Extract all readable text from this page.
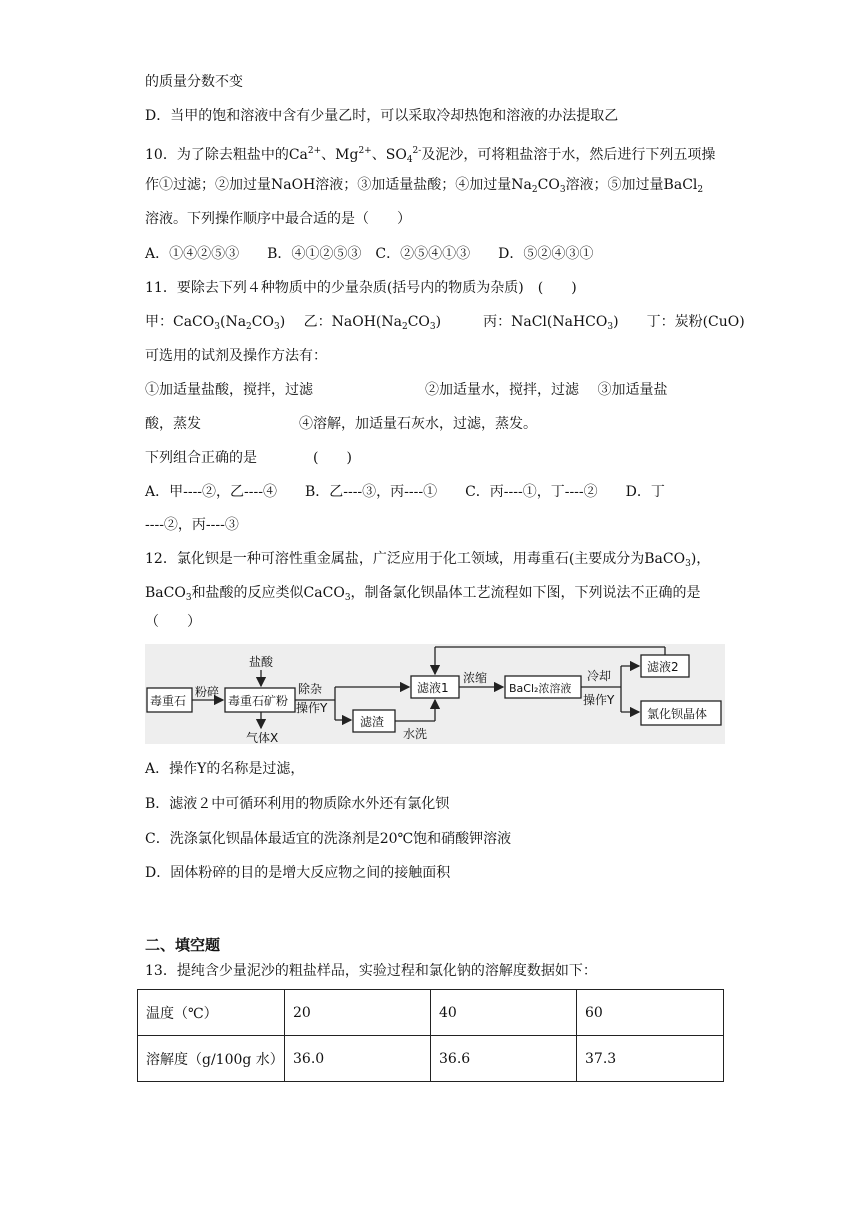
的质量分数不变
D．当甲的饱和溶液中含有少量乙时，可以采取冷却热饱和溶液的办法提取乙
10．为了除去粗盐中的$Ca^{2+}$、$Mg^{2+}$、$SO_4^{2-}$及泥沙，可将粗盐溶于水，然后进行下列五项操
作①过滤；②加过量NaOH溶液；③加适量盐酸；④加过量$Na_2CO_3$溶液；⑤加过量BaCl$_2$
溶液。下列操作顺序中最合适的是（　　）
A．①④②⑤③　　B．④①②⑤③　C．②⑤④①③　　D．⑤②④③①
11．要除去下列４种物质中的少量杂质(括号内的物质为杂质)　(　　)
甲：$CaCO_3(Na_2CO_3)$　 乙：$NaOH(Na_2CO_3)$　　　丙：NaCl(NaHCO$_3$)　　丁：炭粉(CuO)
可选用的试剂及操作方法有：
①加适量盐酸，搅拌，过滤　　　　　　　　②加适量水，搅拌，过滤　 ③加适量盐
酸，蒸发　　　　　　　④溶解，加适量石灰水，过滤，蒸发。
下列组合正确的是　　　　(　　)
A．甲----②，乙----④　　B．乙----③，丙----①　　C．丙----①，丁----②　　D．丁
----②，丙----③
12．氯化钡是一种可溶性重金属盐，广泛应用于化工领域，用毒重石(主要成分为BaCO$_3$)，
BaCO$_3$和盐酸的反应类似CaCO$_3$，制备氯化钡晶体工艺流程如下图，下列说法不正确的是
（　　）
毒重石
粉碎
盐酸
毒重石矿粉
气体X
除杂
操作Y
滤渣
水洗
滤液1
浓缩
BaCl₂浓溶液
冷却
操作Y
滤液2
氯化钡晶体
A．操作Y的名称是过滤，
B．滤液２中可循环利用的物质除水外还有氯化钡
C．洗涤氯化钡晶体最适宜的洗涤剂是20℃饱和硝酸钾溶液
D．固体粉碎的目的是增大反应物之间的接触面积
二、填空题
13．提纯含少量泥沙的粗盐样品，实验过程和氯化钠的溶解度数据如下：
温度（℃）	20	40	60
溶解度（g/100g 水）	36.0	36.6	37.3
